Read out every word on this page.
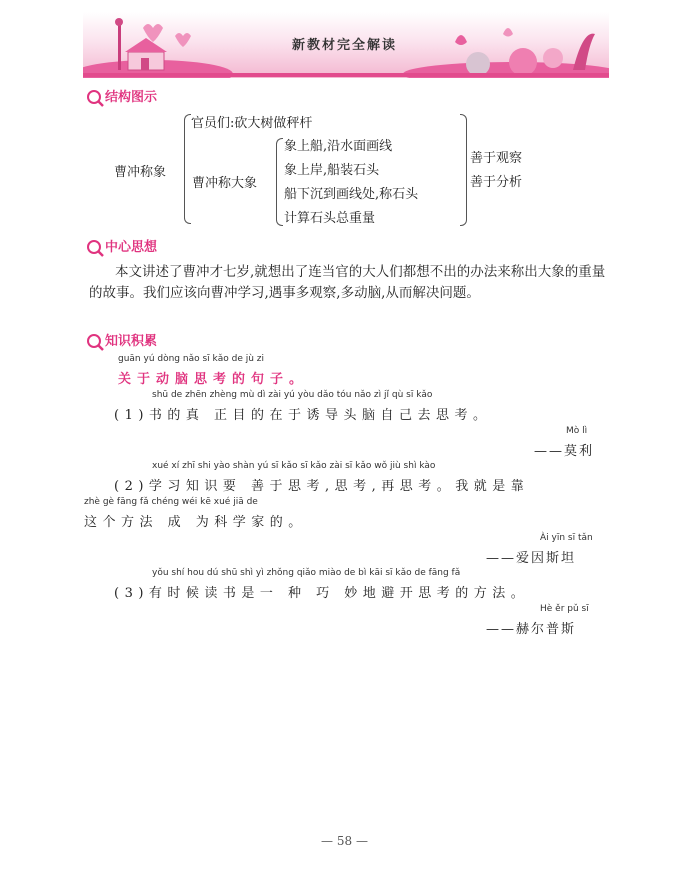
新教材完全解读
结构图示
曹冲称象
官员们:砍大树做秤杆
曹冲称大象
象上船,沿水面画线
象上岸,船装石头
船下沉到画线处,称石头
计算石头总重量
善于观察
善于分析
中心思想
本文讲述了曹冲才七岁,就想出了连当官的大人们都想不出的办法来称出大象的重量的故事。我们应该向曹冲学习,遇事多观察,多动脑,从而解决问题。
知识积累
guān yú dòng nǎo sī kǎo de jù zi
关于动脑思考的句子。
shū de zhēn zhèng mù dì zài yú yòu dǎo tóu nǎo zì jǐ qù sī kǎo
(1)书的真 正目的在于诱导头脑自己去思考。
Mò lì
——莫利
xué xí zhī shi yào shàn yú sī kǎo sī kǎo zài sī kǎo wǒ jiù shì kào
(2)学习知识要 善于思考,思考,再思考。我就是靠
zhè gè fāng fǎ chéng wéi kē xué jiā de
这个方法 成 为科学家的。
Ài yīn sī tǎn
——爱因斯坦
yǒu shí hou dú shū shì yì zhǒng qiǎo miào de bì kāi sī kǎo de fāng fǎ
(3)有时候读书是一 种 巧 妙地避开思考的方法。
Hè ěr pǔ sī
——赫尔普斯
— 58 —
